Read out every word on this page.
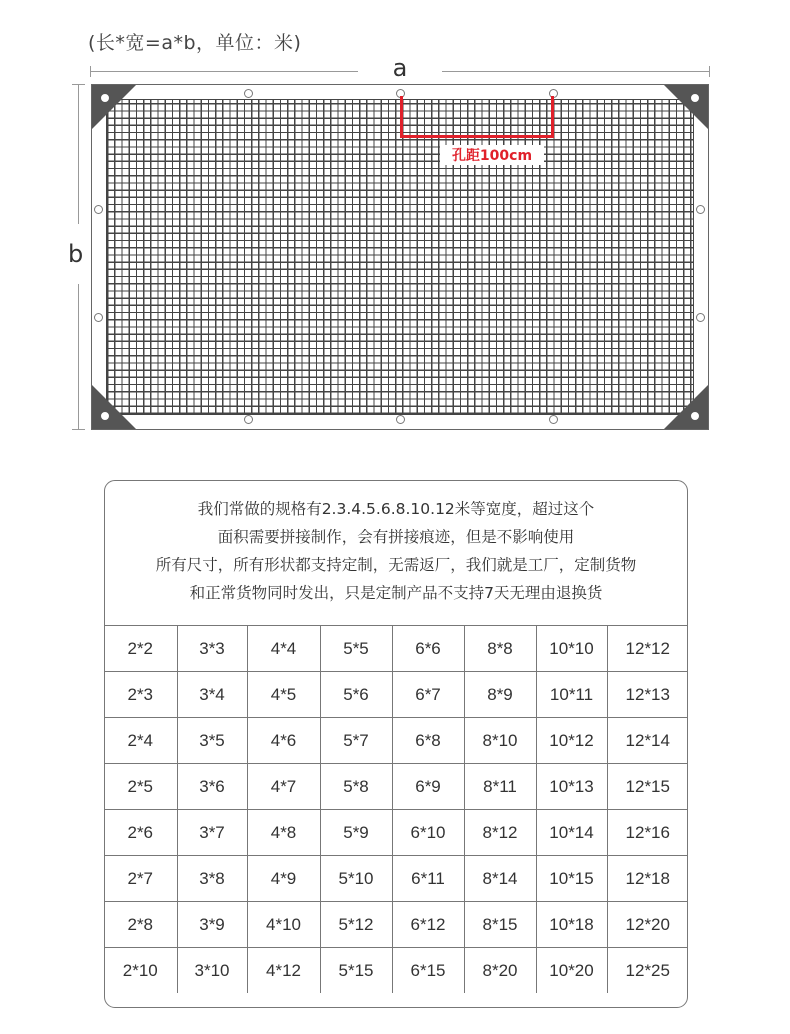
(长*宽=a*b，单位：米)
a
b
孔距100cm
我们常做的规格有2.3.4.5.6.8.10.12米等宽度，超过这个
面积需要拼接制作，会有拼接痕迹，但是不影响使用
所有尺寸，所有形状都支持定制，无需返厂，我们就是工厂，定制货物
和正常货物同时发出，只是定制产品不支持7天无理由退换货
2*2	3*3	4*4	5*5	6*6	8*8	10*10	12*12
2*3	3*4	4*5	5*6	6*7	8*9	10*11	12*13
2*4	3*5	4*6	5*7	6*8	8*10	10*12	12*14
2*5	3*6	4*7	5*8	6*9	8*11	10*13	12*15
2*6	3*7	4*8	5*9	6*10	8*12	10*14	12*16
2*7	3*8	4*9	5*10	6*11	8*14	10*15	12*18
2*8	3*9	4*10	5*12	6*12	8*15	10*18	12*20
2*10	3*10	4*12	5*15	6*15	8*20	10*20	12*25
